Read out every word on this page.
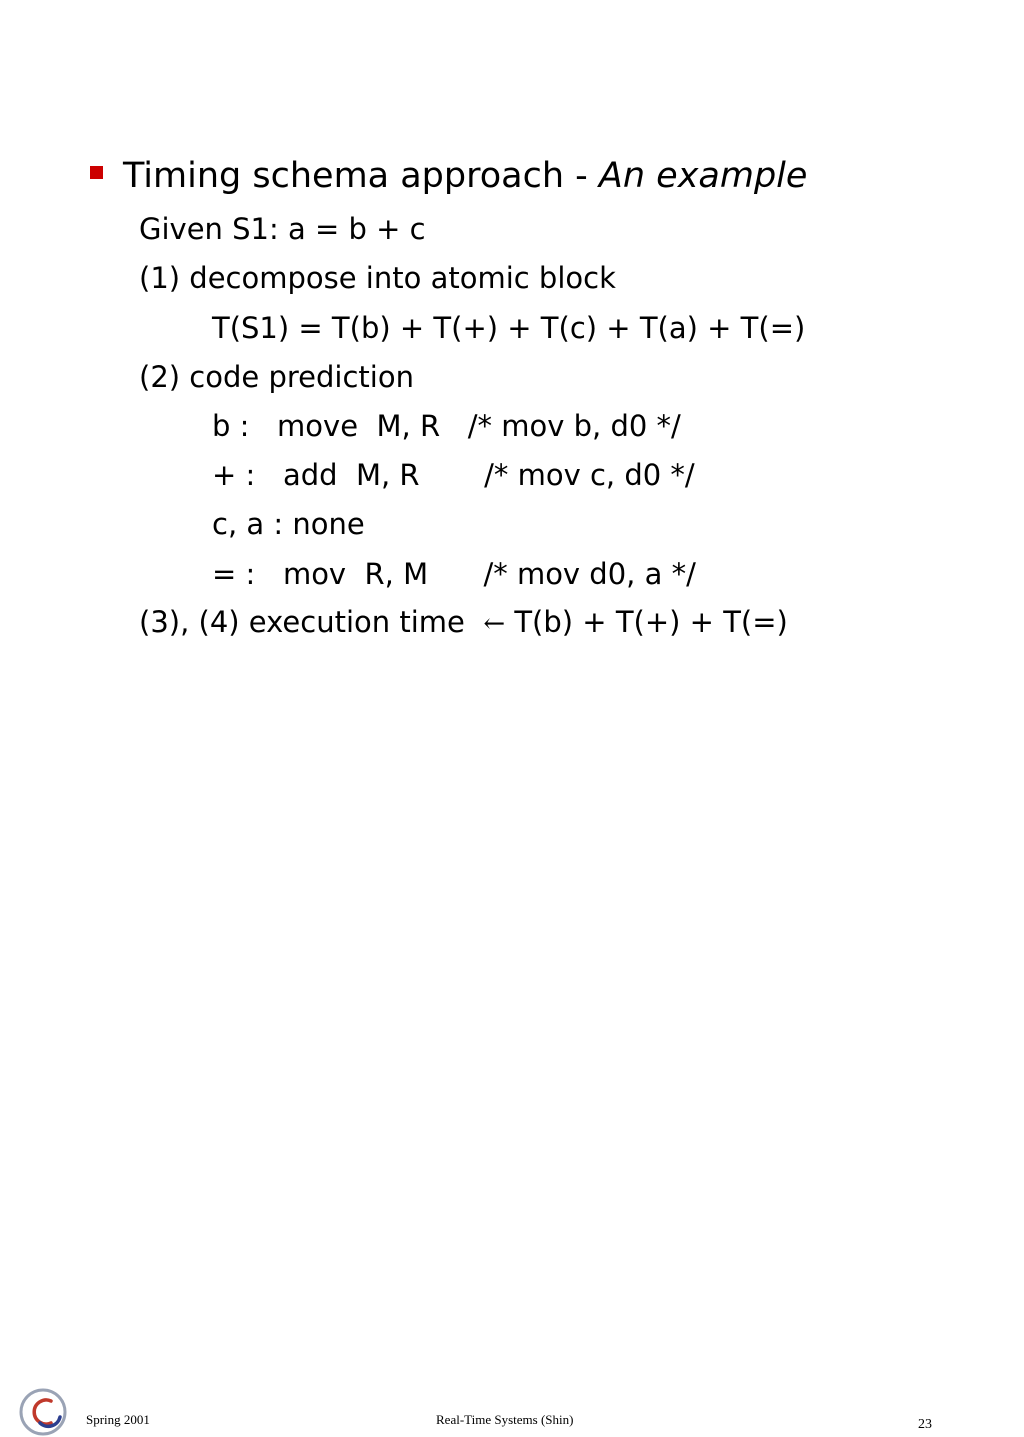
Timing schema approach - An example
Given S1: a = b + c
(1) decompose into atomic block
T(S1) = T(b) + T(+) + T(c) + T(a) + T(=)
(2) code prediction
b :   move  M, R   /* mov b, d0 */
+ :   add  M, R       /* mov c, d0 */
c, a : none
= :   mov  R, M      /* mov d0, a */
(3), (4) execution time  ← T(b) + T(+) + T(=)
Spring 2001	Real-Time Systems (Shin)	23
